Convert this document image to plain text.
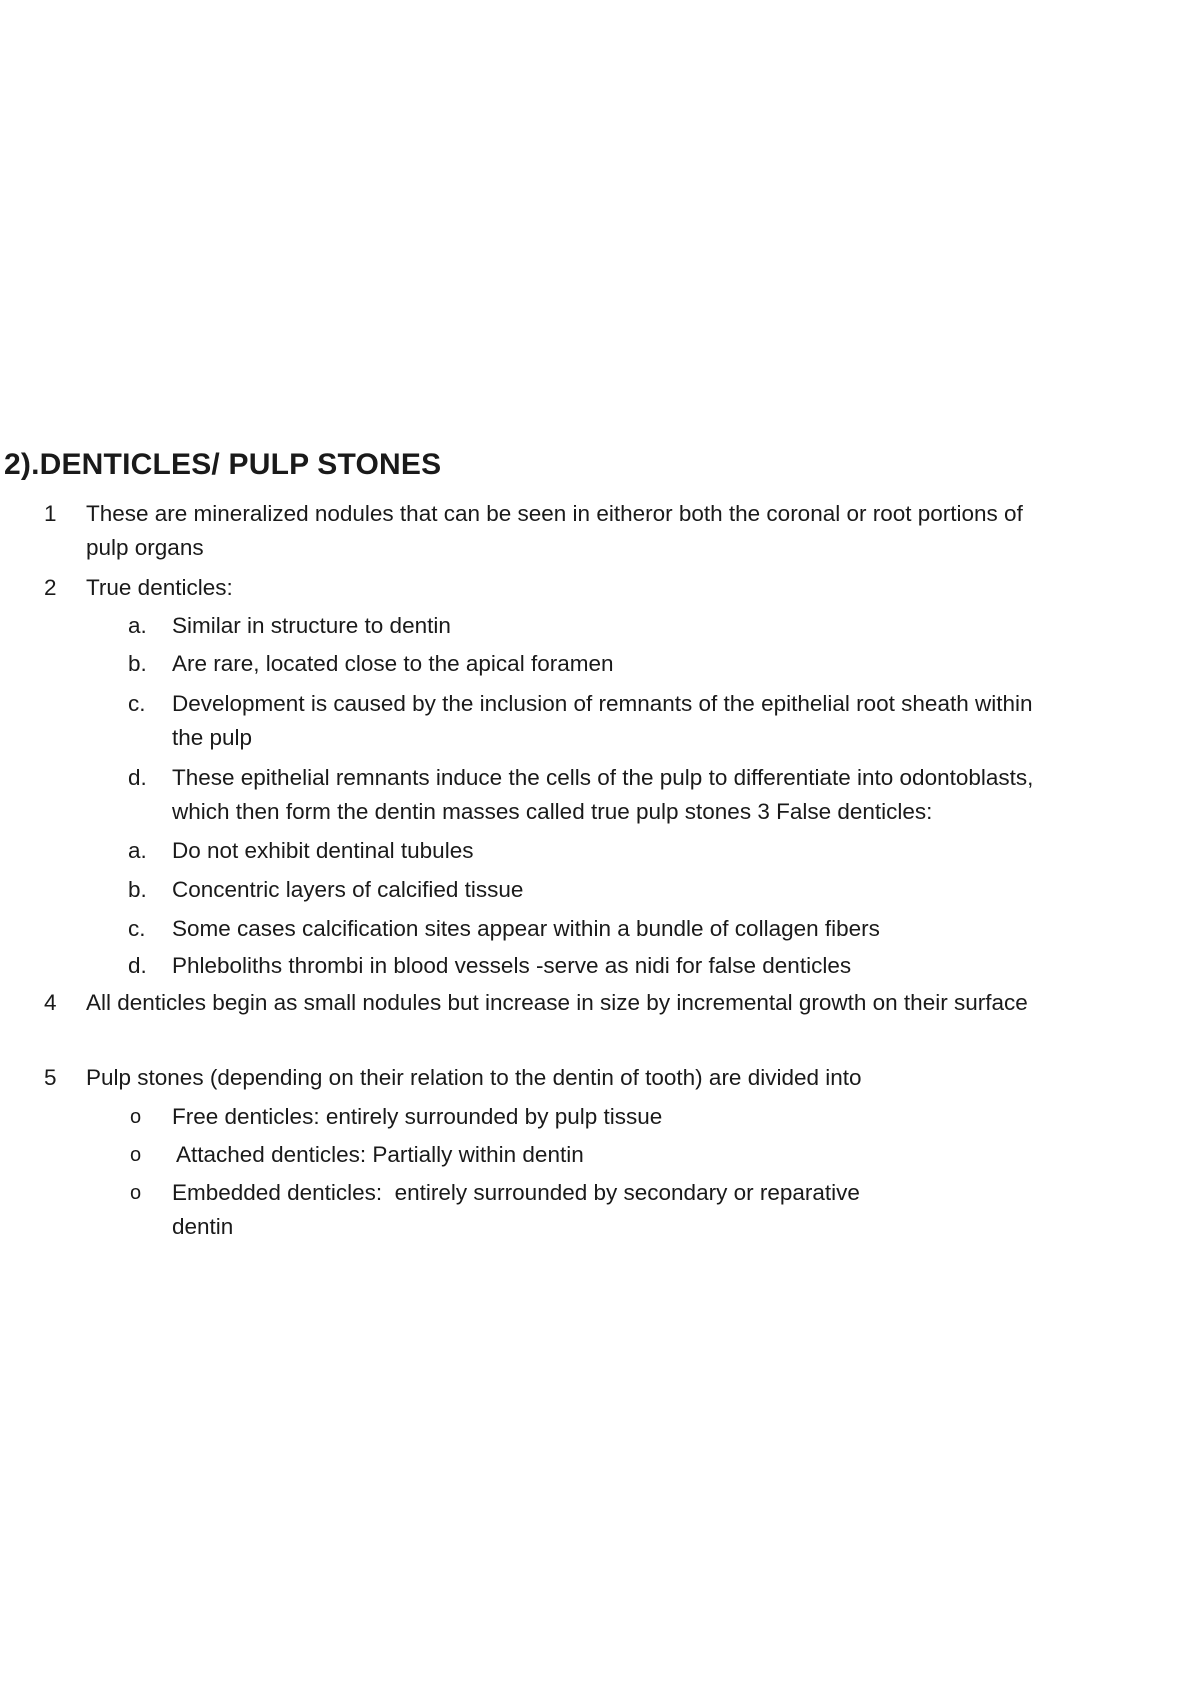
2).DENTICLES/ PULP STONES
1 These are mineralized nodules that can be seen in eitheror both the coronal or root portions of
pulp organs
2 True denticles:
a. Similar in structure to dentin
b. Are rare, located close to the apical foramen
c. Development is caused by the inclusion of remnants of the epithelial root sheath within
the pulp
d. These epithelial remnants induce the cells of the pulp to differentiate into odontoblasts,
which then form the dentin masses called true pulp stones 3 False denticles:
a. Do not exhibit dentinal tubules
b. Concentric layers of calcified tissue
c. Some cases calcification sites appear within a bundle of collagen fibers
d. Phleboliths thrombi in blood vessels -serve as nidi for false denticles
4 All denticles begin as small nodules but increase in size by incremental growth on their surface
5 Pulp stones (depending on their relation to the dentin of tooth) are divided into
o Free denticles: entirely surrounded by pulp tissue
o Attached denticles: Partially within dentin
o Embedded denticles:  entirely surrounded by secondary or reparative
dentin
